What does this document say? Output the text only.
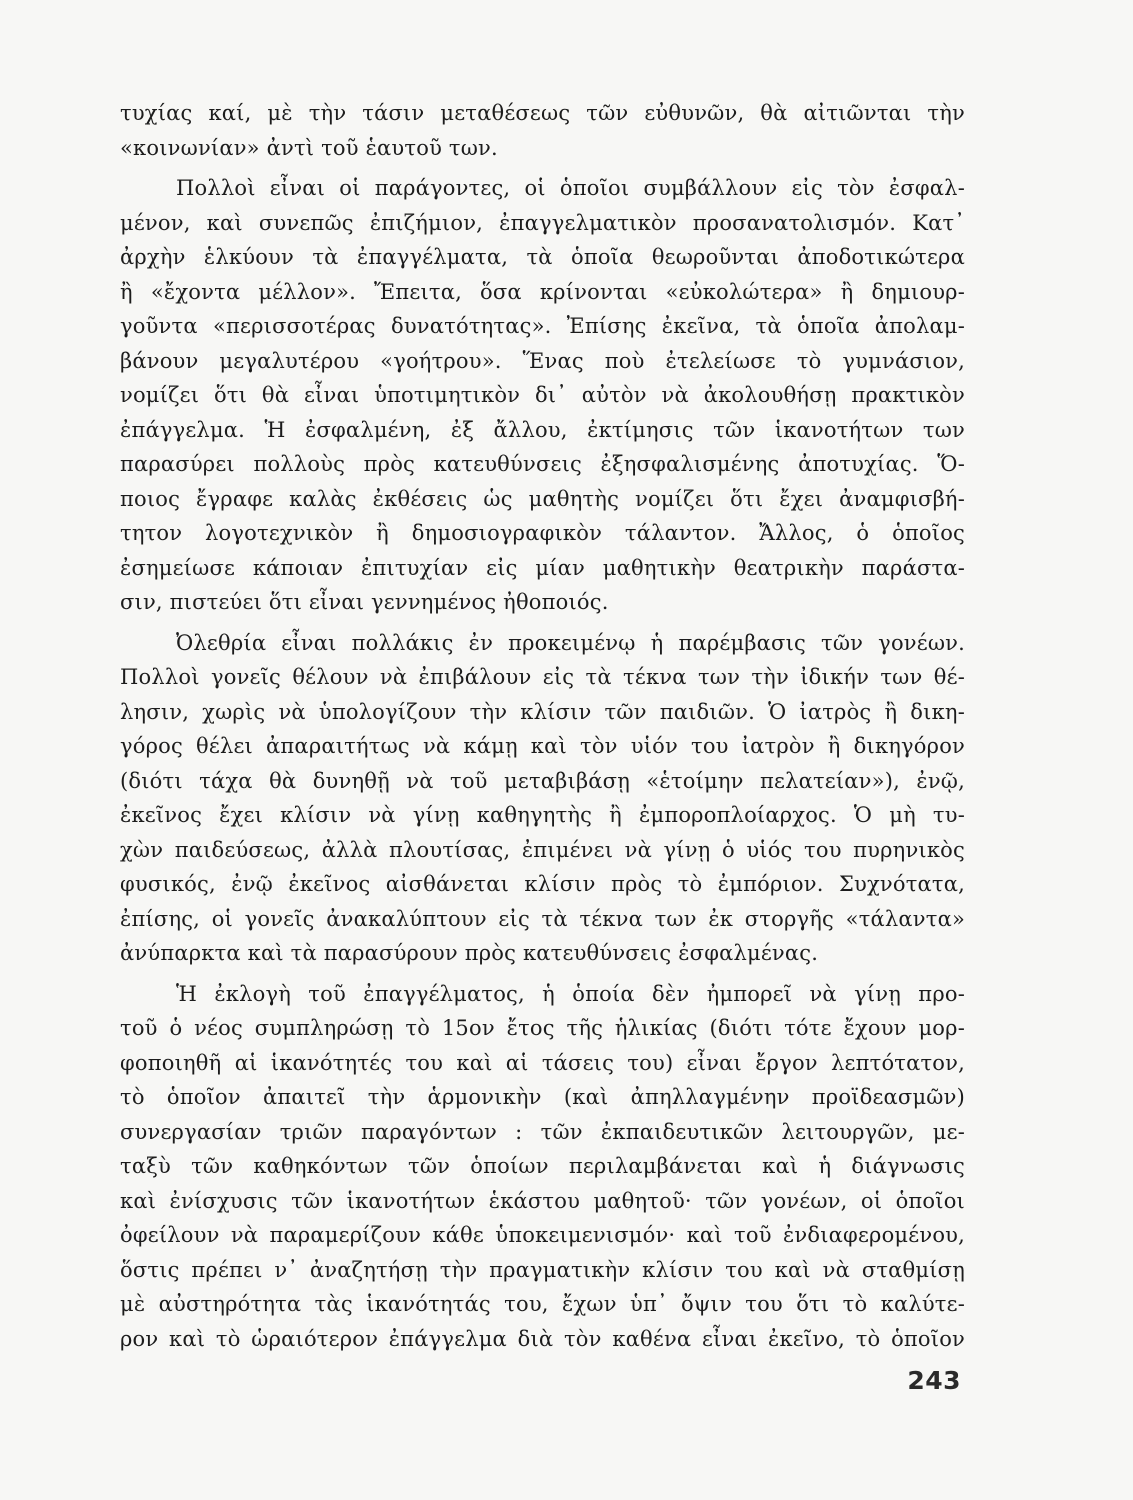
τυχίας καί, μὲ τὴν τάσιν μεταθέσεως τῶν εὐθυνῶν, θὰ αἰτιῶνται τὴν
«κοινωνίαν» ἀντὶ τοῦ ἑαυτοῦ των.
Πολλοὶ εἶναι οἱ παράγοντες, οἱ ὁποῖοι συμβάλλουν εἰς τὸν ἐσφαλ-
μένον, καὶ συνεπῶς ἐπιζήμιον, ἐπαγγελματικὸν προσανατολισμόν. Κατ᾽
ἀρχὴν ἑλκύουν τὰ ἐπαγγέλματα, τὰ ὁποῖα θεωροῦνται ἀποδοτικώτερα
ἢ «ἔχοντα μέλλον». Ἔπειτα, ὅσα κρίνονται «εὐκολώτερα» ἢ δημιουρ-
γοῦντα «περισσοτέρας δυνατότητας». Ἐπίσης ἐκεῖνα, τὰ ὁποῖα ἀπολαμ-
βάνουν μεγαλυτέρου «γοήτρου». Ἕνας ποὺ ἐτελείωσε τὸ γυμνάσιον,
νομίζει ὅτι θὰ εἶναι ὑποτιμητικὸν δι᾽ αὐτὸν νὰ ἀκολουθήσῃ πρακτικὸν
ἐπάγγελμα. Ἡ ἐσφαλμένη, ἐξ ἄλλου, ἐκτίμησις τῶν ἱκανοτήτων των
παρασύρει πολλοὺς πρὸς κατευθύνσεις ἐξησφαλισμένης ἀποτυχίας. Ὅ-
ποιος ἔγραφε καλὰς ἐκθέσεις ὡς μαθητὴς νομίζει ὅτι ἔχει ἀναμφισβή-
τητον λογοτεχνικὸν ἢ δημοσιογραφικὸν τάλαντον. Ἄλλος, ὁ ὁποῖος
ἐσημείωσε κάποιαν ἐπιτυχίαν εἰς μίαν μαθητικὴν θεατρικὴν παράστα-
σιν, πιστεύει ὅτι εἶναι γεννημένος ἠθοποιός.
Ὀλεθρία εἶναι πολλάκις ἐν προκειμένῳ ἡ παρέμβασις τῶν γονέων.
Πολλοὶ γονεῖς θέλουν νὰ ἐπιβάλουν εἰς τὰ τέκνα των τὴν ἰδικήν των θέ-
λησιν, χωρὶς νὰ ὑπολογίζουν τὴν κλίσιν τῶν παιδιῶν. Ὁ ἰατρὸς ἢ δικη-
γόρος θέλει ἀπαραιτήτως νὰ κάμῃ καὶ τὸν υἱόν του ἰατρὸν ἢ δικηγόρον
(διότι τάχα θὰ δυνηθῇ νὰ τοῦ μεταβιβάσῃ «ἑτοίμην πελατείαν»), ἐνῷ,
ἐκεῖνος ἔχει κλίσιν νὰ γίνῃ καθηγητὴς ἢ ἐμποροπλοίαρχος. Ὁ μὴ τυ-
χὼν παιδεύσεως, ἀλλὰ πλουτίσας, ἐπιμένει νὰ γίνῃ ὁ υἱός του πυρηνικὸς
φυσικός, ἐνῷ ἐκεῖνος αἰσθάνεται κλίσιν πρὸς τὸ ἐμπόριον. Συχνότατα,
ἐπίσης, οἱ γονεῖς ἀνακαλύπτουν εἰς τὰ τέκνα των ἐκ στοργῆς «τάλαντα»
ἀνύπαρκτα καὶ τὰ παρασύρουν πρὸς κατευθύνσεις ἐσφαλμένας.
Ἡ ἐκλογὴ τοῦ ἐπαγγέλματος, ἡ ὁποία δὲν ἠμπορεῖ νὰ γίνῃ προ-
τοῦ ὁ νέος συμπληρώσῃ τὸ 15ον ἔτος τῆς ἡλικίας (διότι τότε ἔχουν μορ-
φοποιηθῆ αἱ ἱκανότητές του καὶ αἱ τάσεις του) εἶναι ἔργον λεπτότατον,
τὸ ὁποῖον ἀπαιτεῖ τὴν ἁρμονικὴν (καὶ ἀπηλλαγμένην προϊδεασμῶν)
συνεργασίαν τριῶν παραγόντων : τῶν ἐκπαιδευτικῶν λειτουργῶν, με-
ταξὺ τῶν καθηκόντων τῶν ὁποίων περιλαμβάνεται καὶ ἡ διάγνωσις
καὶ ἐνίσχυσις τῶν ἱκανοτήτων ἑκάστου μαθητοῦ· τῶν γονέων, οἱ ὁποῖοι
ὀφείλουν νὰ παραμερίζουν κάθε ὑποκειμενισμόν· καὶ τοῦ ἐνδιαφερομένου,
ὅστις πρέπει ν᾽ ἀναζητήσῃ τὴν πραγματικὴν κλίσιν του καὶ νὰ σταθμίσῃ
μὲ αὐστηρότητα τὰς ἱκανότητάς του, ἔχων ὑπ᾽ ὄψιν του ὅτι τὸ καλύτε-
ρον καὶ τὸ ὡραιότερον ἐπάγγελμα διὰ τὸν καθένα εἶναι ἐκεῖνο, τὸ ὁποῖον
243
